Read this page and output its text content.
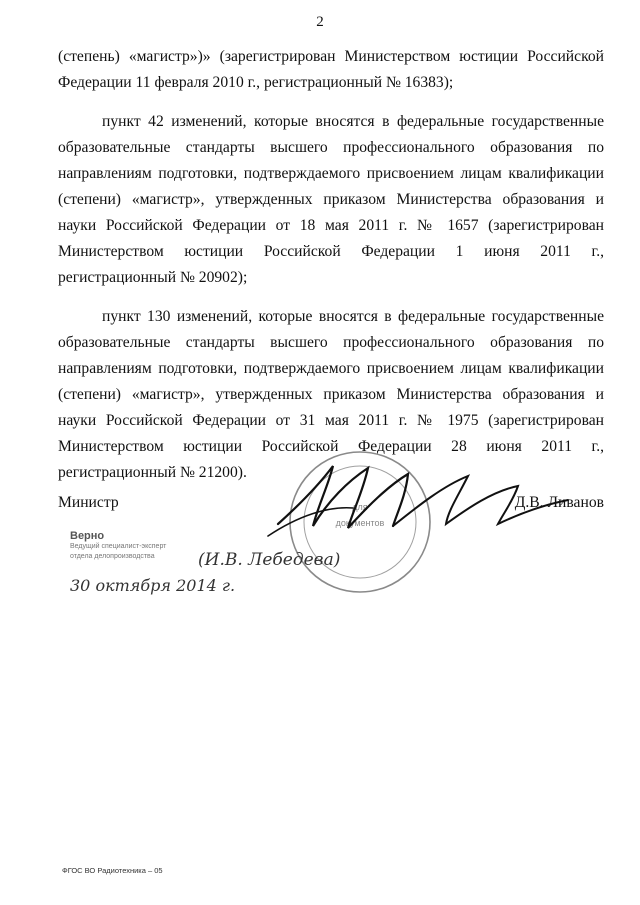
2

(степень) «магистр»)» (зарегистрирован Министерством юстиции Российской Федерации 11 февраля 2010 г., регистрационный № 16383);

пункт 42 изменений, которые вносятся в федеральные государственные образовательные стандарты высшего профессионального образования по направлениям подготовки, подтверждаемого присвоением лицам квалификации (степени) «магистр», утвержденных приказом Министерства образования и науки Российской Федерации от 18 мая 2011 г. № 1657 (зарегистрирован Министерством юстиции Российской Федерации 1 июня 2011 г., регистрационный № 20902);

пункт 130 изменений, которые вносятся в федеральные государственные образовательные стандарты высшего профессионального образования по направлениям подготовки, подтверждаемого присвоением лицам квалификации (степени) «магистр», утвержденных приказом Министерства образования и науки Российской Федерации от 31 мая 2011 г. № 1975 (зарегистрирован Министерством юстиции Российской Федерации 28 июня 2011 г., регистрационный № 21200).

для
документов
Министр	Д.В. Ливанов
Верно
Ведущий специалист-эксперт
отдела делопроизводства	(И.В. Лебедева)
30 октября 2014 г.
ФГОС ВО Радиотехника – 05
